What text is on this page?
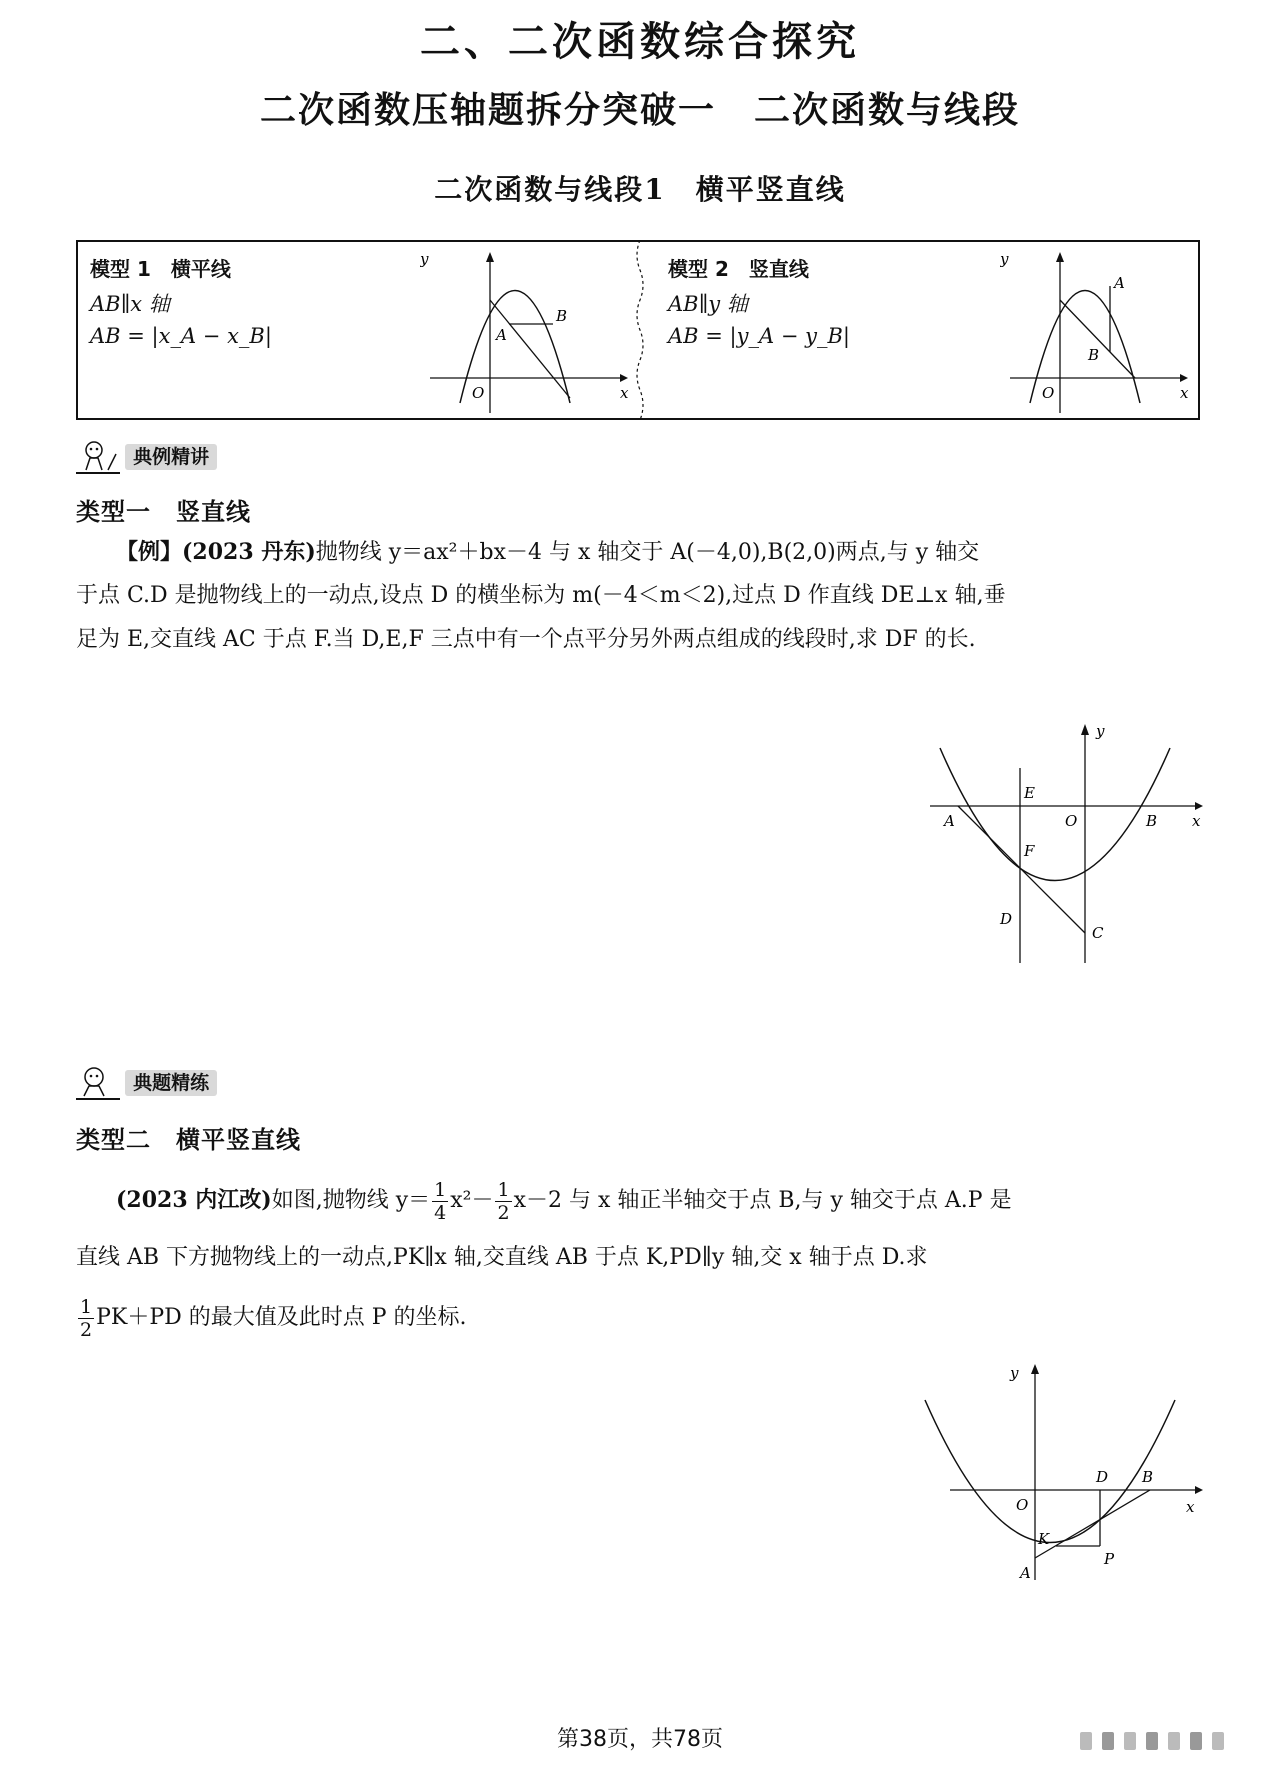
二、二次函数综合探究
二次函数压轴题拆分突破一　二次函数与线段
二次函数与线段1　横平竖直线
模型 1　横平线
AB∥x 轴
AB = |x_A − x_B|
y
x
O
A
B
模型 2　竖直线
AB∥y 轴
AB = |y_A − y_B|
y
x
O
A
B
典例精讲
类型一　竖直线
【例】(2023 丹东)抛物线 y＝ax²＋bx－4 与 x 轴交于 A(－4,0),B(2,0)两点,与 y 轴交
于点 C.D 是抛物线上的一动点,设点 D 的横坐标为 m(－4＜m＜2),过点 D 作直线 DE⊥x 轴,垂
足为 E,交直线 AC 于点 F.当 D,E,F 三点中有一个点平分另外两点组成的线段时,求 DF 的长.
y
x
O
A	B
C
D
E
F
典题精练
类型二　横平竖直线
(2023 内江改)如图,抛物线 $y= \frac{1}{4} x^2- \frac{1}{2} x-2$ 与 x 轴正半轴交于点 B,与 y 轴交于点 A.P 是
直线 AB 下方抛物线上的一动点,PK∥x 轴,交直线 AB 于点 K,PD∥y 轴,交 x 轴于点 D.求
$\frac{1}{2} PK+PD$ 的最大值及此时点 P 的坐标.
y
x
O
A
B
D
K
P
第38页，共78页
